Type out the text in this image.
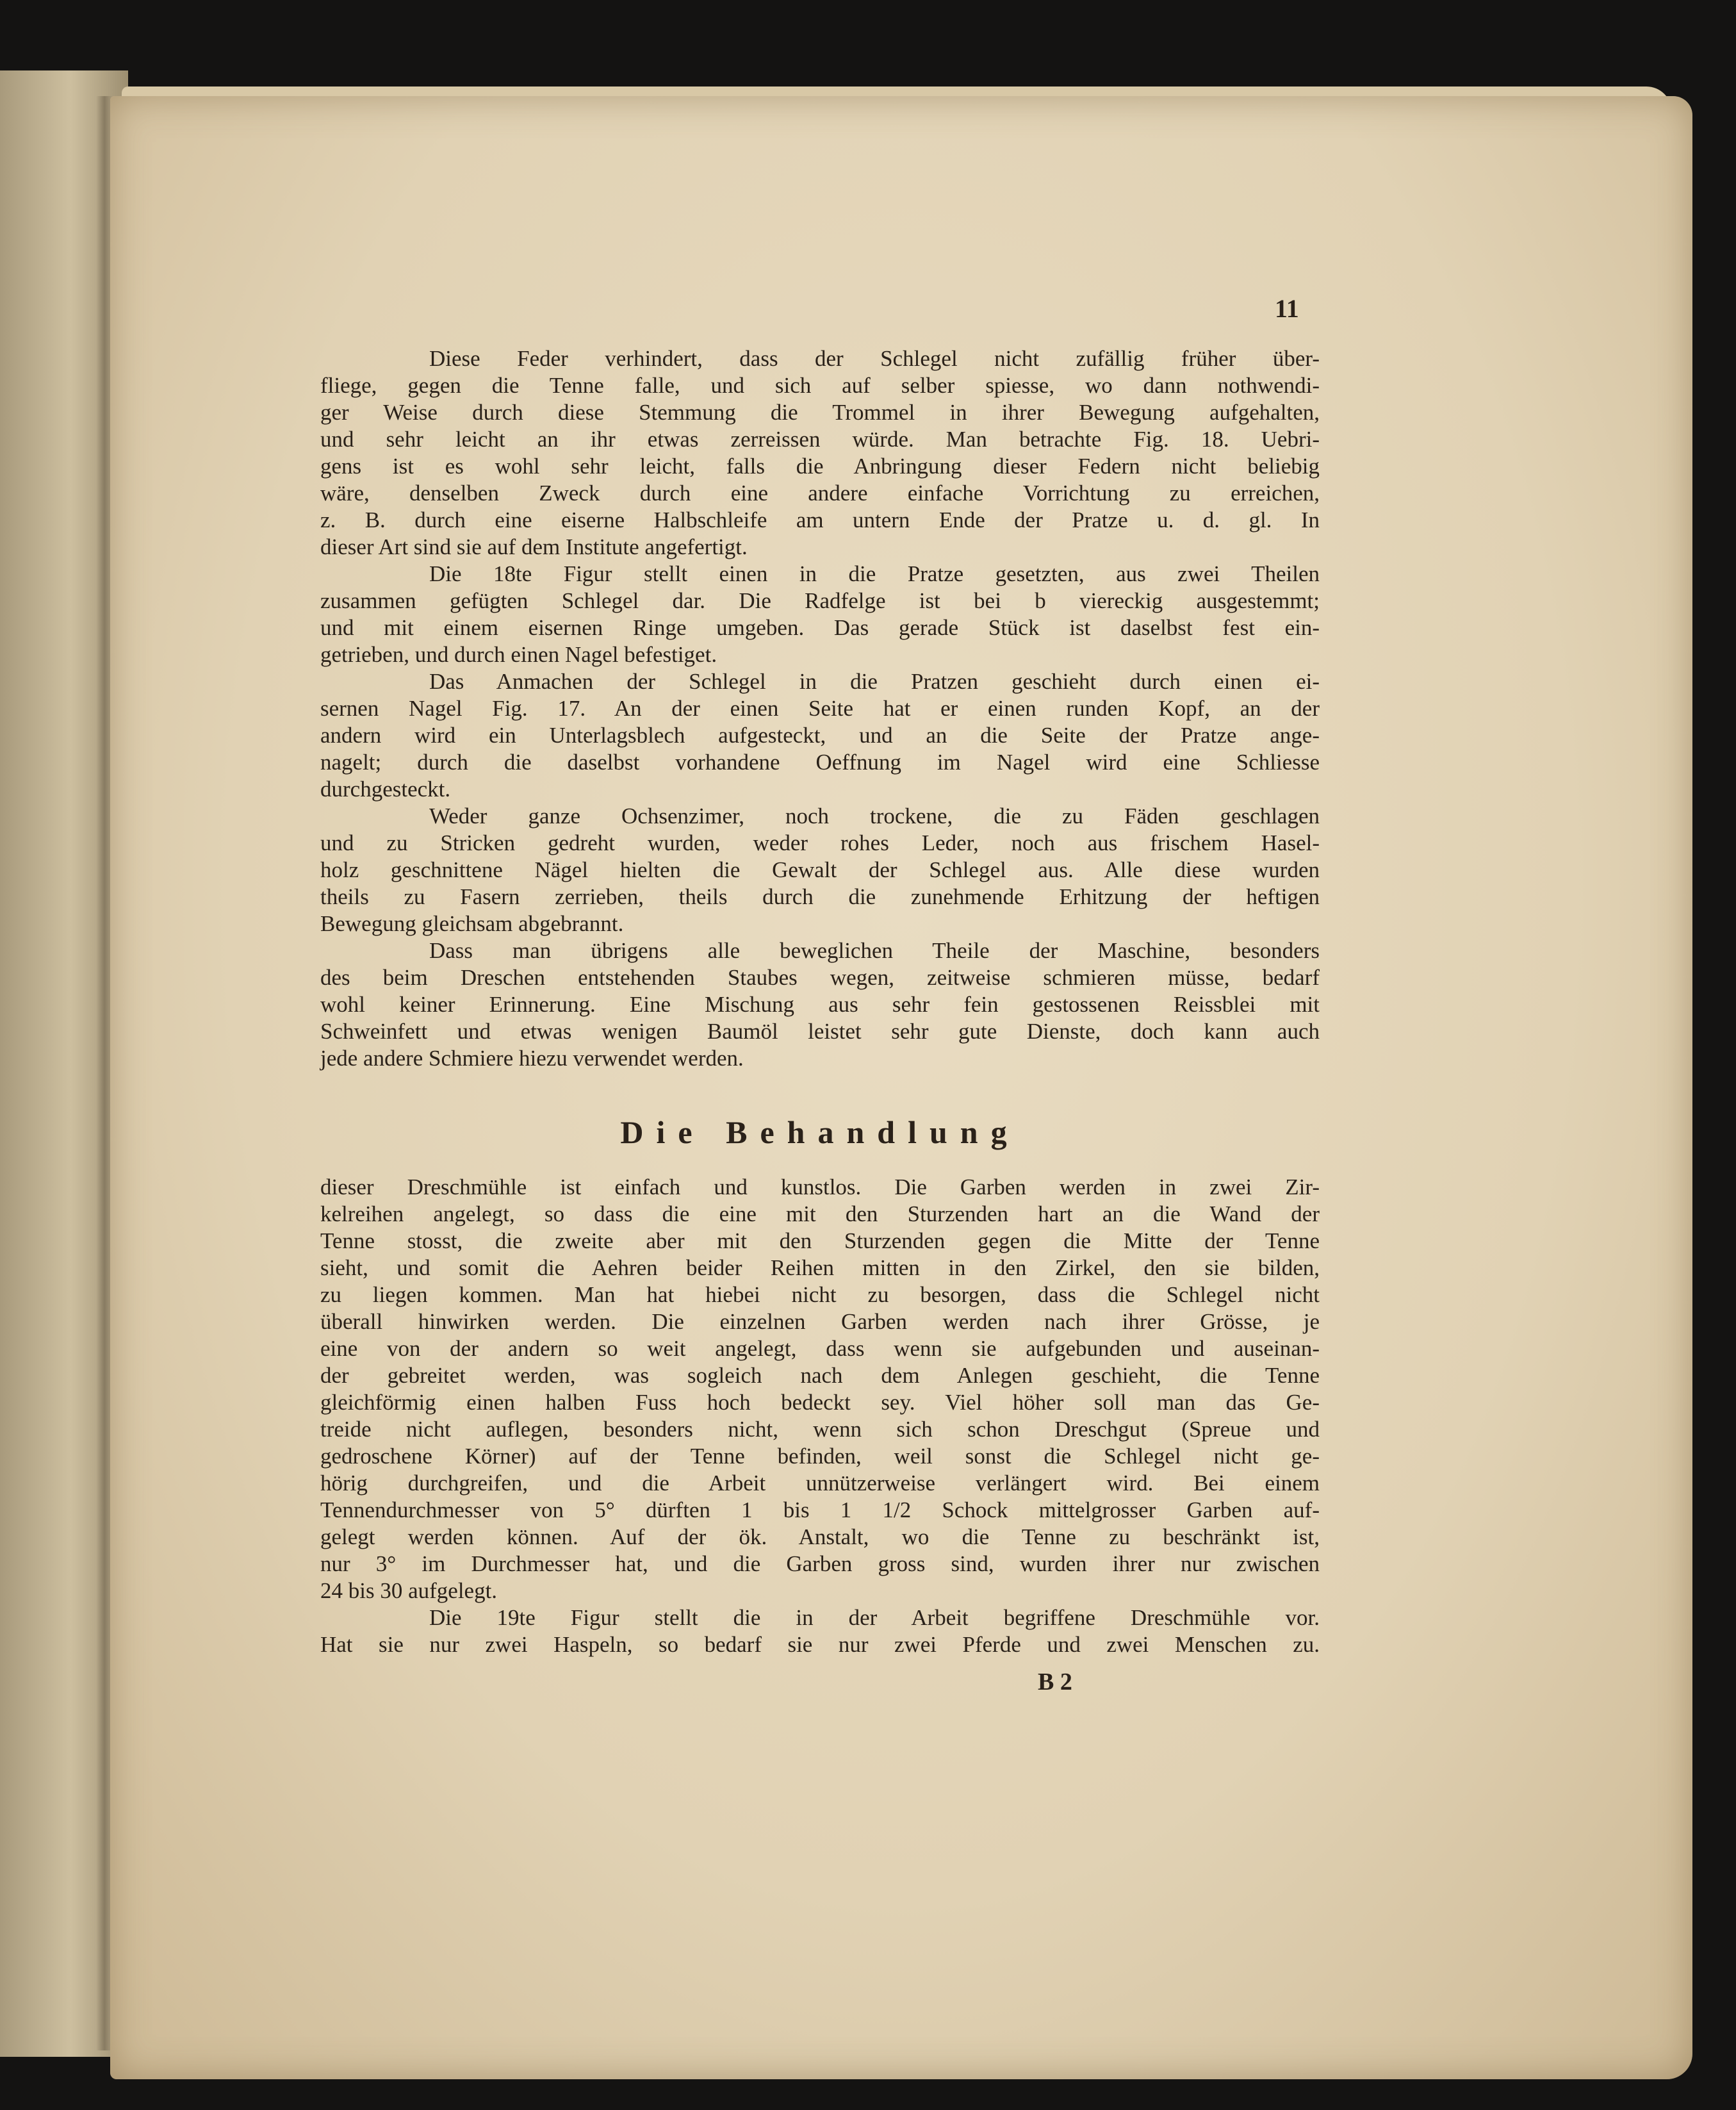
11
Diese Feder verhindert, dass der Schlegel nicht zufällig früher über-
fliege, gegen die Tenne falle, und sich auf selber spiesse, wo dann nothwendi-
ger Weise durch diese Stemmung die Trommel in ihrer Bewegung aufgehalten,
und sehr leicht an ihr etwas zerreissen würde. Man betrachte Fig. 18. Uebri-
gens ist es wohl sehr leicht, falls die Anbringung dieser Federn nicht beliebig
wäre, denselben Zweck durch eine andere einfache Vorrichtung zu erreichen,
z. B. durch eine eiserne Halbschleife am untern Ende der Pratze u. d. gl. In
dieser Art sind sie auf dem Institute angefertigt.
Die 18te Figur stellt einen in die Pratze gesetzten, aus zwei Theilen
zusammen gefügten Schlegel dar. Die Radfelge ist bei b viereckig ausgestemmt;
und mit einem eisernen Ringe umgeben. Das gerade Stück ist daselbst fest ein-
getrieben, und durch einen Nagel befestiget.
Das Anmachen der Schlegel in die Pratzen geschieht durch einen ei-
sernen Nagel Fig. 17. An der einen Seite hat er einen runden Kopf, an der
andern wird ein Unterlagsblech aufgesteckt, und an die Seite der Pratze ange-
nagelt; durch die daselbst vorhandene Oeffnung im Nagel wird eine Schliesse
durchgesteckt.
Weder ganze Ochsenzimer, noch trockene, die zu Fäden geschlagen
und zu Stricken gedreht wurden, weder rohes Leder, noch aus frischem Hasel-
holz geschnittene Nägel hielten die Gewalt der Schlegel aus. Alle diese wurden
theils zu Fasern zerrieben, theils durch die zunehmende Erhitzung der heftigen
Bewegung gleichsam abgebrannt.
Dass man übrigens alle beweglichen Theile der Maschine, besonders
des beim Dreschen entstehenden Staubes wegen, zeitweise schmieren müsse, bedarf
wohl keiner Erinnerung. Eine Mischung aus sehr fein gestossenen Reissblei mit
Schweinfett und etwas wenigen Baumöl leistet sehr gute Dienste, doch kann auch
jede andere Schmiere hiezu verwendet werden.
Die Behandlung
dieser Dreschmühle ist einfach und kunstlos. Die Garben werden in zwei Zir-
kelreihen angelegt, so dass die eine mit den Sturzenden hart an die Wand der
Tenne stosst, die zweite aber mit den Sturzenden gegen die Mitte der Tenne
sieht, und somit die Aehren beider Reihen mitten in den Zirkel, den sie bilden,
zu liegen kommen. Man hat hiebei nicht zu besorgen, dass die Schlegel nicht
überall hinwirken werden. Die einzelnen Garben werden nach ihrer Grösse, je
eine von der andern so weit angelegt, dass wenn sie aufgebunden und auseinan-
der gebreitet werden, was sogleich nach dem Anlegen geschieht, die Tenne
gleichförmig einen halben Fuss hoch bedeckt sey. Viel höher soll man das Ge-
treide nicht auflegen, besonders nicht, wenn sich schon Dreschgut (Spreue und
gedroschene Körner) auf der Tenne befinden, weil sonst die Schlegel nicht ge-
hörig durchgreifen, und die Arbeit unnützerweise verlängert wird. Bei einem
Tennendurchmesser von 5° dürften 1 bis 1 1/2 Schock mittelgrosser Garben auf-
gelegt werden können. Auf der ök. Anstalt, wo die Tenne zu beschränkt ist,
nur 3° im Durchmesser hat, und die Garben gross sind, wurden ihrer nur zwischen
24 bis 30 aufgelegt.
Die 19te Figur stellt die in der Arbeit begriffene Dreschmühle vor.
Hat sie nur zwei Haspeln, so bedarf sie nur zwei Pferde und zwei Menschen zu.
B 2
